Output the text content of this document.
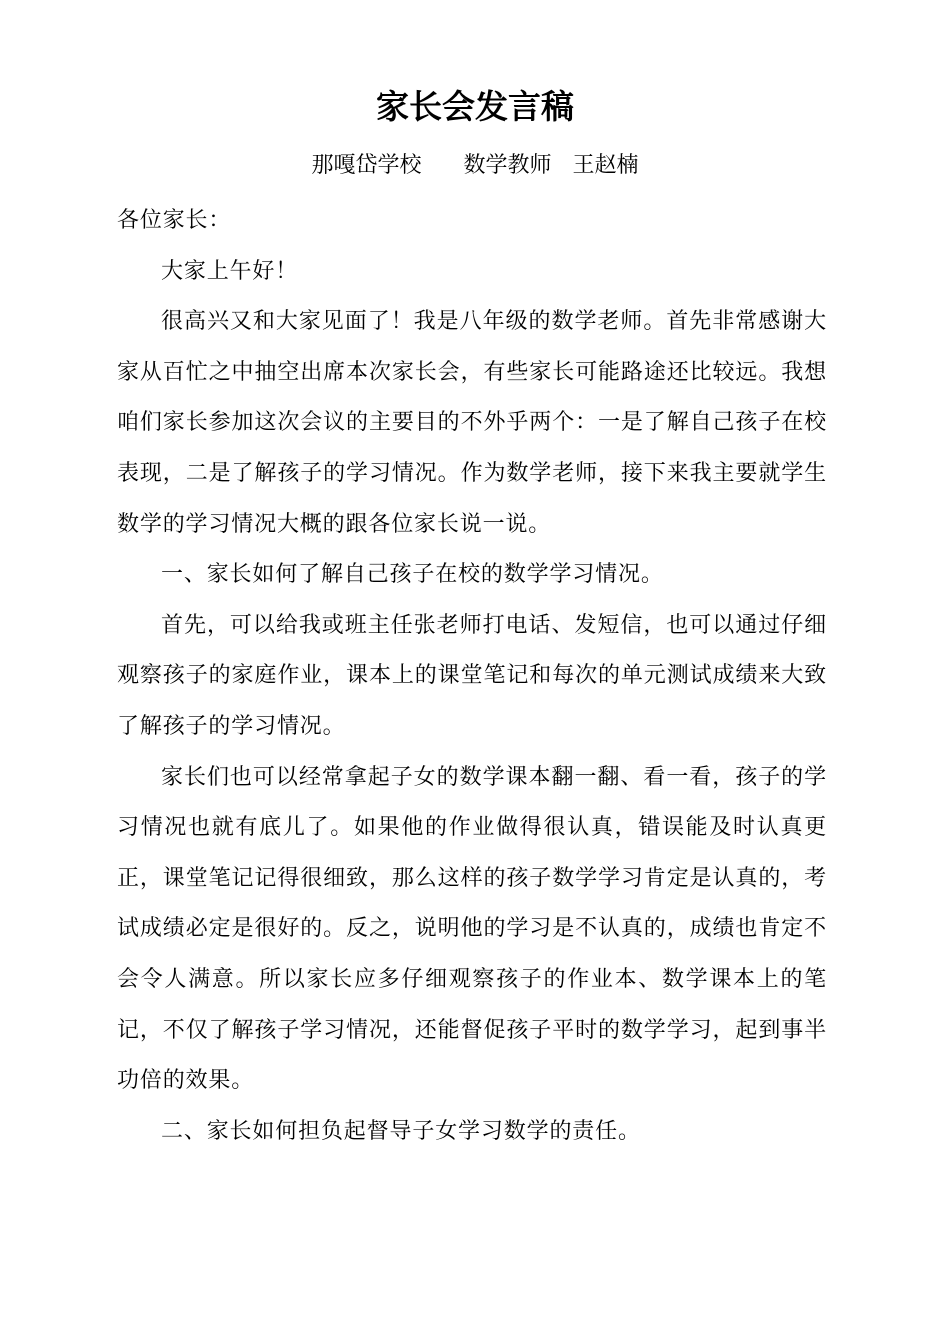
家长会发言稿
那嘎岱学校 数学教师 王赵楠

各位家长：

大家上午好！

很高兴又和大家见面了！我是八年级的数学老师。首先非常感谢大家从百忙之中抽空出席本次家长会，有些家长可能路途还比较远。我想咱们家长参加这次会议的主要目的不外乎两个：一是了解自己孩子在校表现，二是了解孩子的学习情况。作为数学老师，接下来我主要就学生数学的学习情况大概的跟各位家长说一说。

一、家长如何了解自己孩子在校的数学学习情况。

首先，可以给我或班主任张老师打电话、发短信，也可以通过仔细观察孩子的家庭作业，课本上的课堂笔记和每次的单元测试成绩来大致了解孩子的学习情况。

家长们也可以经常拿起子女的数学课本翻一翻、看一看，孩子的学习情况也就有底儿了。如果他的作业做得很认真，错误能及时认真更正，课堂笔记记得很细致，那么这样的孩子数学学习肯定是认真的，考试成绩必定是很好的。反之，说明他的学习是不认真的，成绩也肯定不会令人满意。所以家长应多仔细观察孩子的作业本、数学课本上的笔记，不仅了解孩子学习情况，还能督促孩子平时的数学学习，起到事半功倍的效果。

二、家长如何担负起督导子女学习数学的责任。
